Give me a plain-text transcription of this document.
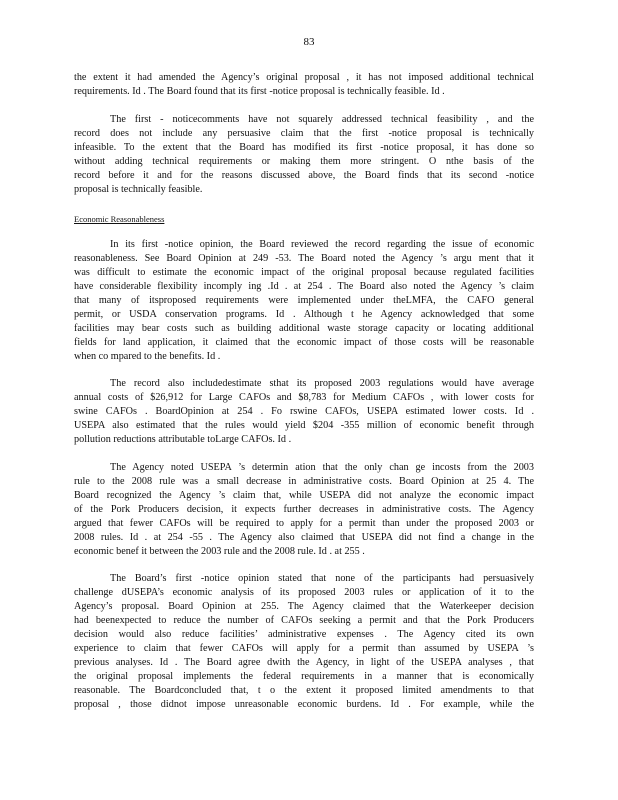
83
the extent it had amended the Agency’s original proposal , it has not imposed additional technical
requirements. Id . The Board found that its first -notice proposal is technically feasible. Id .
The first - noticecomments have not squarely addressed technical feasibility , and the
record does not include any persuasive claim that the first -notice proposal is technically
infeasible. To the extent that the Board has modified its first -notice proposal, it has done so
without adding technical requirements or making them more stringent. O nthe basis of the
record before it and for the reasons discussed above, the Board finds that its second -notice
proposal is technically feasible.
Economic Reasonableness
In its first -notice opinion, the Board reviewed the record regarding the issue of economic
reasonableness. See Board Opinion at 249 -53. The Board noted the Agency ’s argu ment that it
was difficult to estimate the economic impact of the original proposal because regulated facilities
have considerable flexibility incomply ing .Id . at 254 . The Board also noted the Agency ’s claim
that many of itsproposed requirements were implemented under theLMFA, the CAFO general
permit, or USDA conservation programs. Id . Although t he Agency acknowledged that some
facilities may bear costs such as building additional waste storage capacity or locating additional
fields for land application, it claimed that the economic impact of those costs will be reasonable
when co mpared to the benefits. Id .
The record also includedestimate sthat its proposed 2003 regulations would have average
annual costs of $26,912 for Large CAFOs and $8,783 for Medium CAFOs , with lower costs for
swine CAFOs . BoardOpinion at 254 . Fo rswine CAFOs, USEPA estimated lower costs. Id .
USEPA also estimated that the rules would yield $204 -355 million of economic benefit through
pollution reductions attributable toLarge CAFOs. Id .
The Agency noted USEPA ’s determin ation that the only chan ge incosts from the 2003
rule to the 2008 rule was a small decrease in administrative costs. Board Opinion at 25 4. The
Board recognized the Agency ’s claim that, while USEPA did not analyze the economic impact
of the Pork Producers decision, it expects further decreases in administrative costs. The Agency
argued that fewer CAFOs will be required to apply for a permit than under the proposed 2003 or
2008 rules. Id . at 254 -55 . The Agency also claimed that USEPA did not find a change in the
economic benef it between the 2003 rule and the 2008 rule. Id . at 255 .
The Board’s first -notice opinion stated that none of the participants had persuasively
challenge dUSEPA’s economic analysis of its proposed 2003 rules or application of it to the
Agency’s proposal. Board Opinion at 255. The Agency claimed that the Waterkeeper decision
had beenexpected to reduce the number of CAFOs seeking a permit and that the Pork Producers
decision would also reduce facilities’ administrative expenses . The Agency cited its own
experience to claim that fewer CAFOs will apply for a permit than assumed by USEPA ’s
previous analyses. Id . The Board agree dwith the Agency, in light of the USEPA analyses , that
the original proposal implements the federal requirements in a manner that is economically
reasonable. The Boardconcluded that, t o the extent it proposed limited amendments to that
proposal , those didnot impose unreasonable economic burdens. Id . For example, while the
